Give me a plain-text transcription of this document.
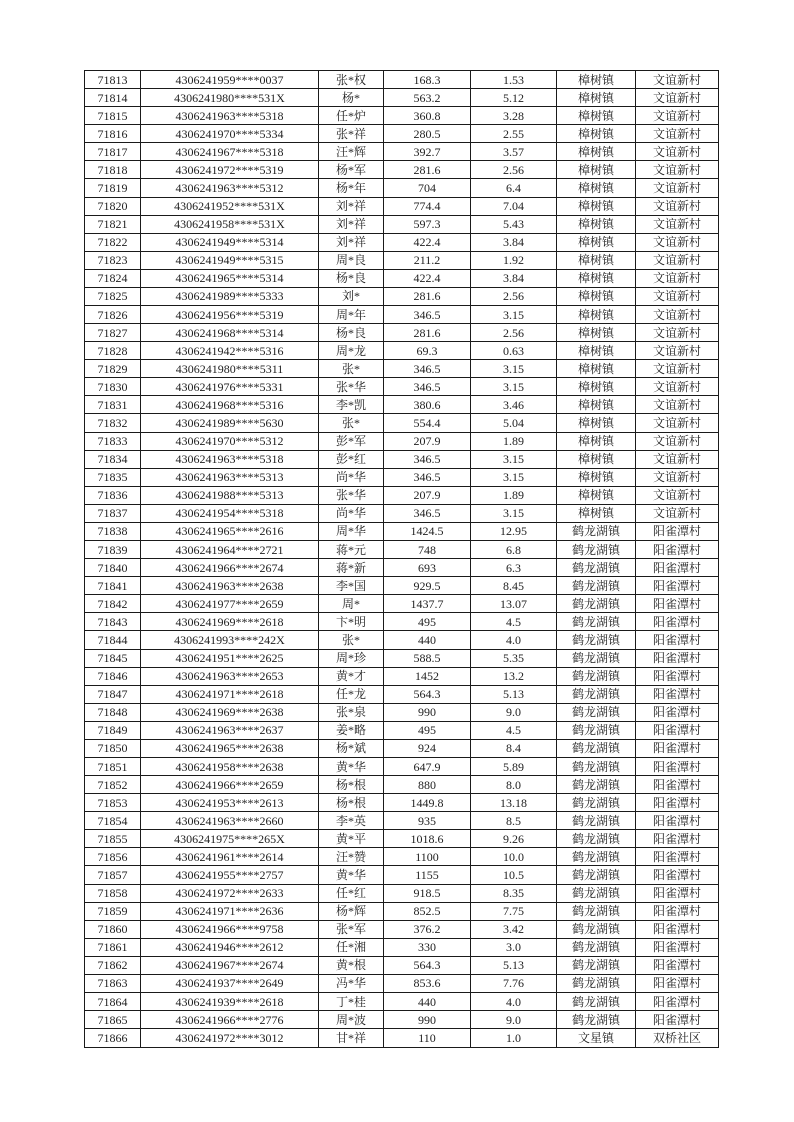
71813	4306241959****0037	张*权	168.3	1.53	樟树镇	文谊新村
71814	4306241980****531X	杨*	563.2	5.12	樟树镇	文谊新村
71815	4306241963****5318	任*炉	360.8	3.28	樟树镇	文谊新村
71816	4306241970****5334	张*祥	280.5	2.55	樟树镇	文谊新村
71817	4306241967****5318	汪*辉	392.7	3.57	樟树镇	文谊新村
71818	4306241972****5319	杨*军	281.6	2.56	樟树镇	文谊新村
71819	4306241963****5312	杨*年	704	6.4	樟树镇	文谊新村
71820	4306241952****531X	刘*祥	774.4	7.04	樟树镇	文谊新村
71821	4306241958****531X	刘*祥	597.3	5.43	樟树镇	文谊新村
71822	4306241949****5314	刘*祥	422.4	3.84	樟树镇	文谊新村
71823	4306241949****5315	周*良	211.2	1.92	樟树镇	文谊新村
71824	4306241965****5314	杨*良	422.4	3.84	樟树镇	文谊新村
71825	4306241989****5333	刘*	281.6	2.56	樟树镇	文谊新村
71826	4306241956****5319	周*年	346.5	3.15	樟树镇	文谊新村
71827	4306241968****5314	杨*良	281.6	2.56	樟树镇	文谊新村
71828	4306241942****5316	周*龙	69.3	0.63	樟树镇	文谊新村
71829	4306241980****5311	张*	346.5	3.15	樟树镇	文谊新村
71830	4306241976****5331	张*华	346.5	3.15	樟树镇	文谊新村
71831	4306241968****5316	李*凯	380.6	3.46	樟树镇	文谊新村
71832	4306241989****5630	张*	554.4	5.04	樟树镇	文谊新村
71833	4306241970****5312	彭*军	207.9	1.89	樟树镇	文谊新村
71834	4306241963****5318	彭*红	346.5	3.15	樟树镇	文谊新村
71835	4306241963****5313	尚*华	346.5	3.15	樟树镇	文谊新村
71836	4306241988****5313	张*华	207.9	1.89	樟树镇	文谊新村
71837	4306241954****5318	尚*华	346.5	3.15	樟树镇	文谊新村
71838	4306241965****2616	周*华	1424.5	12.95	鹤龙湖镇	阳雀潭村
71839	4306241964****2721	蒋*元	748	6.8	鹤龙湖镇	阳雀潭村
71840	4306241966****2674	蒋*新	693	6.3	鹤龙湖镇	阳雀潭村
71841	4306241963****2638	李*国	929.5	8.45	鹤龙湖镇	阳雀潭村
71842	4306241977****2659	周*	1437.7	13.07	鹤龙湖镇	阳雀潭村
71843	4306241969****2618	卞*明	495	4.5	鹤龙湖镇	阳雀潭村
71844	4306241993****242X	张*	440	4.0	鹤龙湖镇	阳雀潭村
71845	4306241951****2625	周*珍	588.5	5.35	鹤龙湖镇	阳雀潭村
71846	4306241963****2653	黄*才	1452	13.2	鹤龙湖镇	阳雀潭村
71847	4306241971****2618	任*龙	564.3	5.13	鹤龙湖镇	阳雀潭村
71848	4306241969****2638	张*泉	990	9.0	鹤龙湖镇	阳雀潭村
71849	4306241963****2637	姜*略	495	4.5	鹤龙湖镇	阳雀潭村
71850	4306241965****2638	杨*斌	924	8.4	鹤龙湖镇	阳雀潭村
71851	4306241958****2638	黄*华	647.9	5.89	鹤龙湖镇	阳雀潭村
71852	4306241966****2659	杨*根	880	8.0	鹤龙湖镇	阳雀潭村
71853	4306241953****2613	杨*根	1449.8	13.18	鹤龙湖镇	阳雀潭村
71854	4306241963****2660	李*英	935	8.5	鹤龙湖镇	阳雀潭村
71855	4306241975****265X	黄*平	1018.6	9.26	鹤龙湖镇	阳雀潭村
71856	4306241961****2614	汪*赞	1100	10.0	鹤龙湖镇	阳雀潭村
71857	4306241955****2757	黄*华	1155	10.5	鹤龙湖镇	阳雀潭村
71858	4306241972****2633	任*红	918.5	8.35	鹤龙湖镇	阳雀潭村
71859	4306241971****2636	杨*辉	852.5	7.75	鹤龙湖镇	阳雀潭村
71860	4306241966****9758	张*军	376.2	3.42	鹤龙湖镇	阳雀潭村
71861	4306241946****2612	任*湘	330	3.0	鹤龙湖镇	阳雀潭村
71862	4306241967****2674	黄*根	564.3	5.13	鹤龙湖镇	阳雀潭村
71863	4306241937****2649	冯*华	853.6	7.76	鹤龙湖镇	阳雀潭村
71864	4306241939****2618	丁*桂	440	4.0	鹤龙湖镇	阳雀潭村
71865	4306241966****2776	周*波	990	9.0	鹤龙湖镇	阳雀潭村
71866	4306241972****3012	甘*祥	110	1.0	文星镇	双桥社区
